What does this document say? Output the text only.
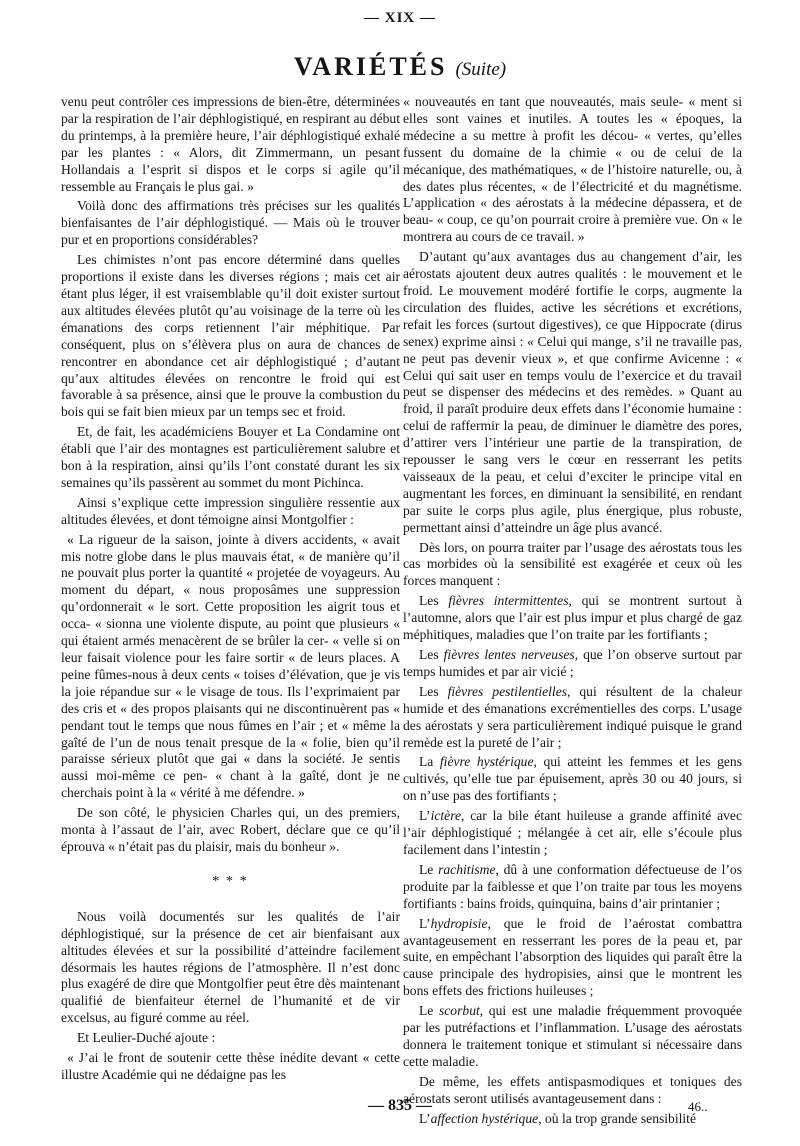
— XIX —
VARIÉTÉS (Suite)

venu peut contrôler ces impressions de bien-être, déterminées par la respiration de l’air déphlogistiqué, en respirant au début du printemps, à la première heure, l’air déphlogistiqué exhalé par les plantes : « Alors, dit Zimmermann, un pesant Hollandais a l’esprit si dispos et le corps si agile qu’il ressemble au Français le plus gai. »

Voilà donc des affirmations très précises sur les qualités bienfaisantes de l’air déphlogistiqué. — Mais où le trouver pur et en proportions considérables?

Les chimistes n’ont pas encore déterminé dans quelles proportions il existe dans les diverses régions ; mais cet air étant plus léger, il est vraisemblable qu’il doit exister surtout aux altitudes élevées plutôt qu’au voisinage de la terre où les émanations des corps retiennent l’air méphitique. Par conséquent, plus on s’élèvera plus on aura de chances de rencontrer en abondance cet air déphlogistiqué ; d’autant qu’aux altitudes élevées on rencontre le froid qui est favorable à sa présence, ainsi que le prouve la combustion du bois qui se fait bien mieux par un temps sec et froid.

Et, de fait, les académiciens Bouyer et La Condamine ont établi que l’air des montagnes est particulièrement salubre et bon à la respiration, ainsi qu’ils l’ont constaté durant les six semaines qu’ils passèrent au sommet du mont Pichinca.

Ainsi s’explique cette impression singulière ressentie aux altitudes élevées, et dont témoigne ainsi Montgolfier :

« La rigueur de la saison, jointe à divers accidents, « avait mis notre globe dans le plus mauvais état, « de manière qu’il ne pouvait plus porter la quantité « projetée de voyageurs. Au moment du départ, « nous proposâmes une suppression qu’ordonnerait « le sort. Cette proposition les aigrit tous et occa- « sionna une violente dispute, au point que plusieurs « qui étaient armés menacèrent de se brûler la cer- « velle si on leur faisait violence pour les faire sortir « de leurs places. A peine fûmes-nous à deux cents « toises d’élévation, que je vis la joie répandue sur « le visage de tous. Ils l’exprimaient par des cris et « des propos plaisants qui ne discontinuèrent pas « pendant tout le temps que nous fûmes en l’air ; et « même la gaîté de l’un de nous tenait presque de la « folie, bien qu’il paraisse sérieux plutôt que gai « dans la société. Je sentis aussi moi-même ce pen- « chant à la gaîté, dont je ne cherchais point à la « vérité à me défendre. »

De son côté, le physicien Charles qui, un des premiers, monta à l’assaut de l’air, avec Robert, déclare que ce qu’il éprouva « n’était pas du plaisir, mais du bonheur ».

* * *

Nous voilà documentés sur les qualités de l’air déphlogistiqué, sur la présence de cet air bienfaisant aux altitudes élevées et sur la possibilité d’atteindre facilement désormais les hautes régions de l’atmosphère. Il n’est donc plus exagéré de dire que Montgolfier peut être dès maintenant qualifié de bienfaiteur éternel de l’humanité et de vir excelsus, au figuré comme au réel.

Et Leulier-Duché ajoute :

« J’ai le front de soutenir cette thèse inédite devant « cette illustre Académie qui ne dédaigne pas les

« nouveautés en tant que nouveautés, mais seule- « ment si elles sont vaines et inutiles. A toutes les « époques, la médecine a su mettre à profit les décou- « vertes, qu’elles fussent du domaine de la chimie « ou de celui de la mécanique, des mathématiques, « de l’histoire naturelle, ou, à des dates plus récentes, « de l’électricité et du magnétisme. L’application « des aérostats à la médecine dépassera, et de beau- « coup, ce qu’on pourrait croire à première vue. On « le montrera au cours de ce travail. »

D’autant qu’aux avantages dus au changement d’air, les aérostats ajoutent deux autres qualités : le mouvement et le froid. Le mouvement modéré fortifie le corps, augmente la circulation des fluides, active les sécrétions et excrétions, refait les forces (surtout digestives), ce que Hippocrate (dirus senex) exprime ainsi : « Celui qui mange, s’il ne travaille pas, ne peut pas devenir vieux », et que confirme Avicenne : « Celui qui sait user en temps voulu de l’exercice et du travail peut se dispenser des médecins et des remèdes. » Quant au froid, il paraît produire deux effets dans l’économie humaine : celui de raffermir la peau, de diminuer le diamètre des pores, d’attirer vers l’intérieur une partie de la transpiration, de repousser le sang vers le cœur en resserrant les petits vaisseaux de la peau, et celui d’exciter le principe vital en augmentant les forces, en diminuant la sensibilité, en rendant par suite le corps plus agile, plus énergique, plus robuste, permettant ainsi d’atteindre un âge plus avancé.

Dès lors, on pourra traiter par l’usage des aérostats tous les cas morbides où la sensibilité est exagérée et ceux où les forces manquent :

Les fièvres intermittentes, qui se montrent surtout à l’automne, alors que l’air est plus impur et plus chargé de gaz méphitiques, maladies que l’on traite par les fortifiants ;

Les fièvres lentes nerveuses, que l’on observe surtout par temps humides et par air vicié ;

Les fièvres pestilentielles, qui résultent de la chaleur humide et des émanations excrémentielles des corps. L’usage des aérostats y sera particulièrement indiqué puisque le grand remède est la pureté de l’air ;

La fièvre hystérique, qui atteint les femmes et les gens cultivés, qu’elle tue par épuisement, après 30 ou 40 jours, si on n’use pas des fortifiants ;

L’ictère, car la bile étant huileuse a grande affinité avec l’air déphlogistiqué ; mélangée à cet air, elle s’écoule plus facilement dans l’intestin ;

Le rachitisme, dû à une conformation défectueuse de l’os produite par la faiblesse et que l’on traite par tous les moyens fortifiants : bains froids, quinquina, bains d’air printanier ;

L’hydropisie, que le froid de l’aérostat combattra avantageusement en resserrant les pores de la peau et, par suite, en empêchant l’absorption des liquides qui paraît être la cause principale des hydropisies, ainsi que le montrent les bons effets des frictions huileuses ;

Le scorbut, qui est une maladie fréquemment provoquée par les putréfactions et l’inflammation. L’usage des aérostats donnera le traitement tonique et stimulant si nécessaire dans cette maladie.

De même, les effets antispasmodiques et toniques des aérostats seront utilisés avantageusement dans :

L’affection hystérique, où la trop grande sensibilité

— 835 —	46..
